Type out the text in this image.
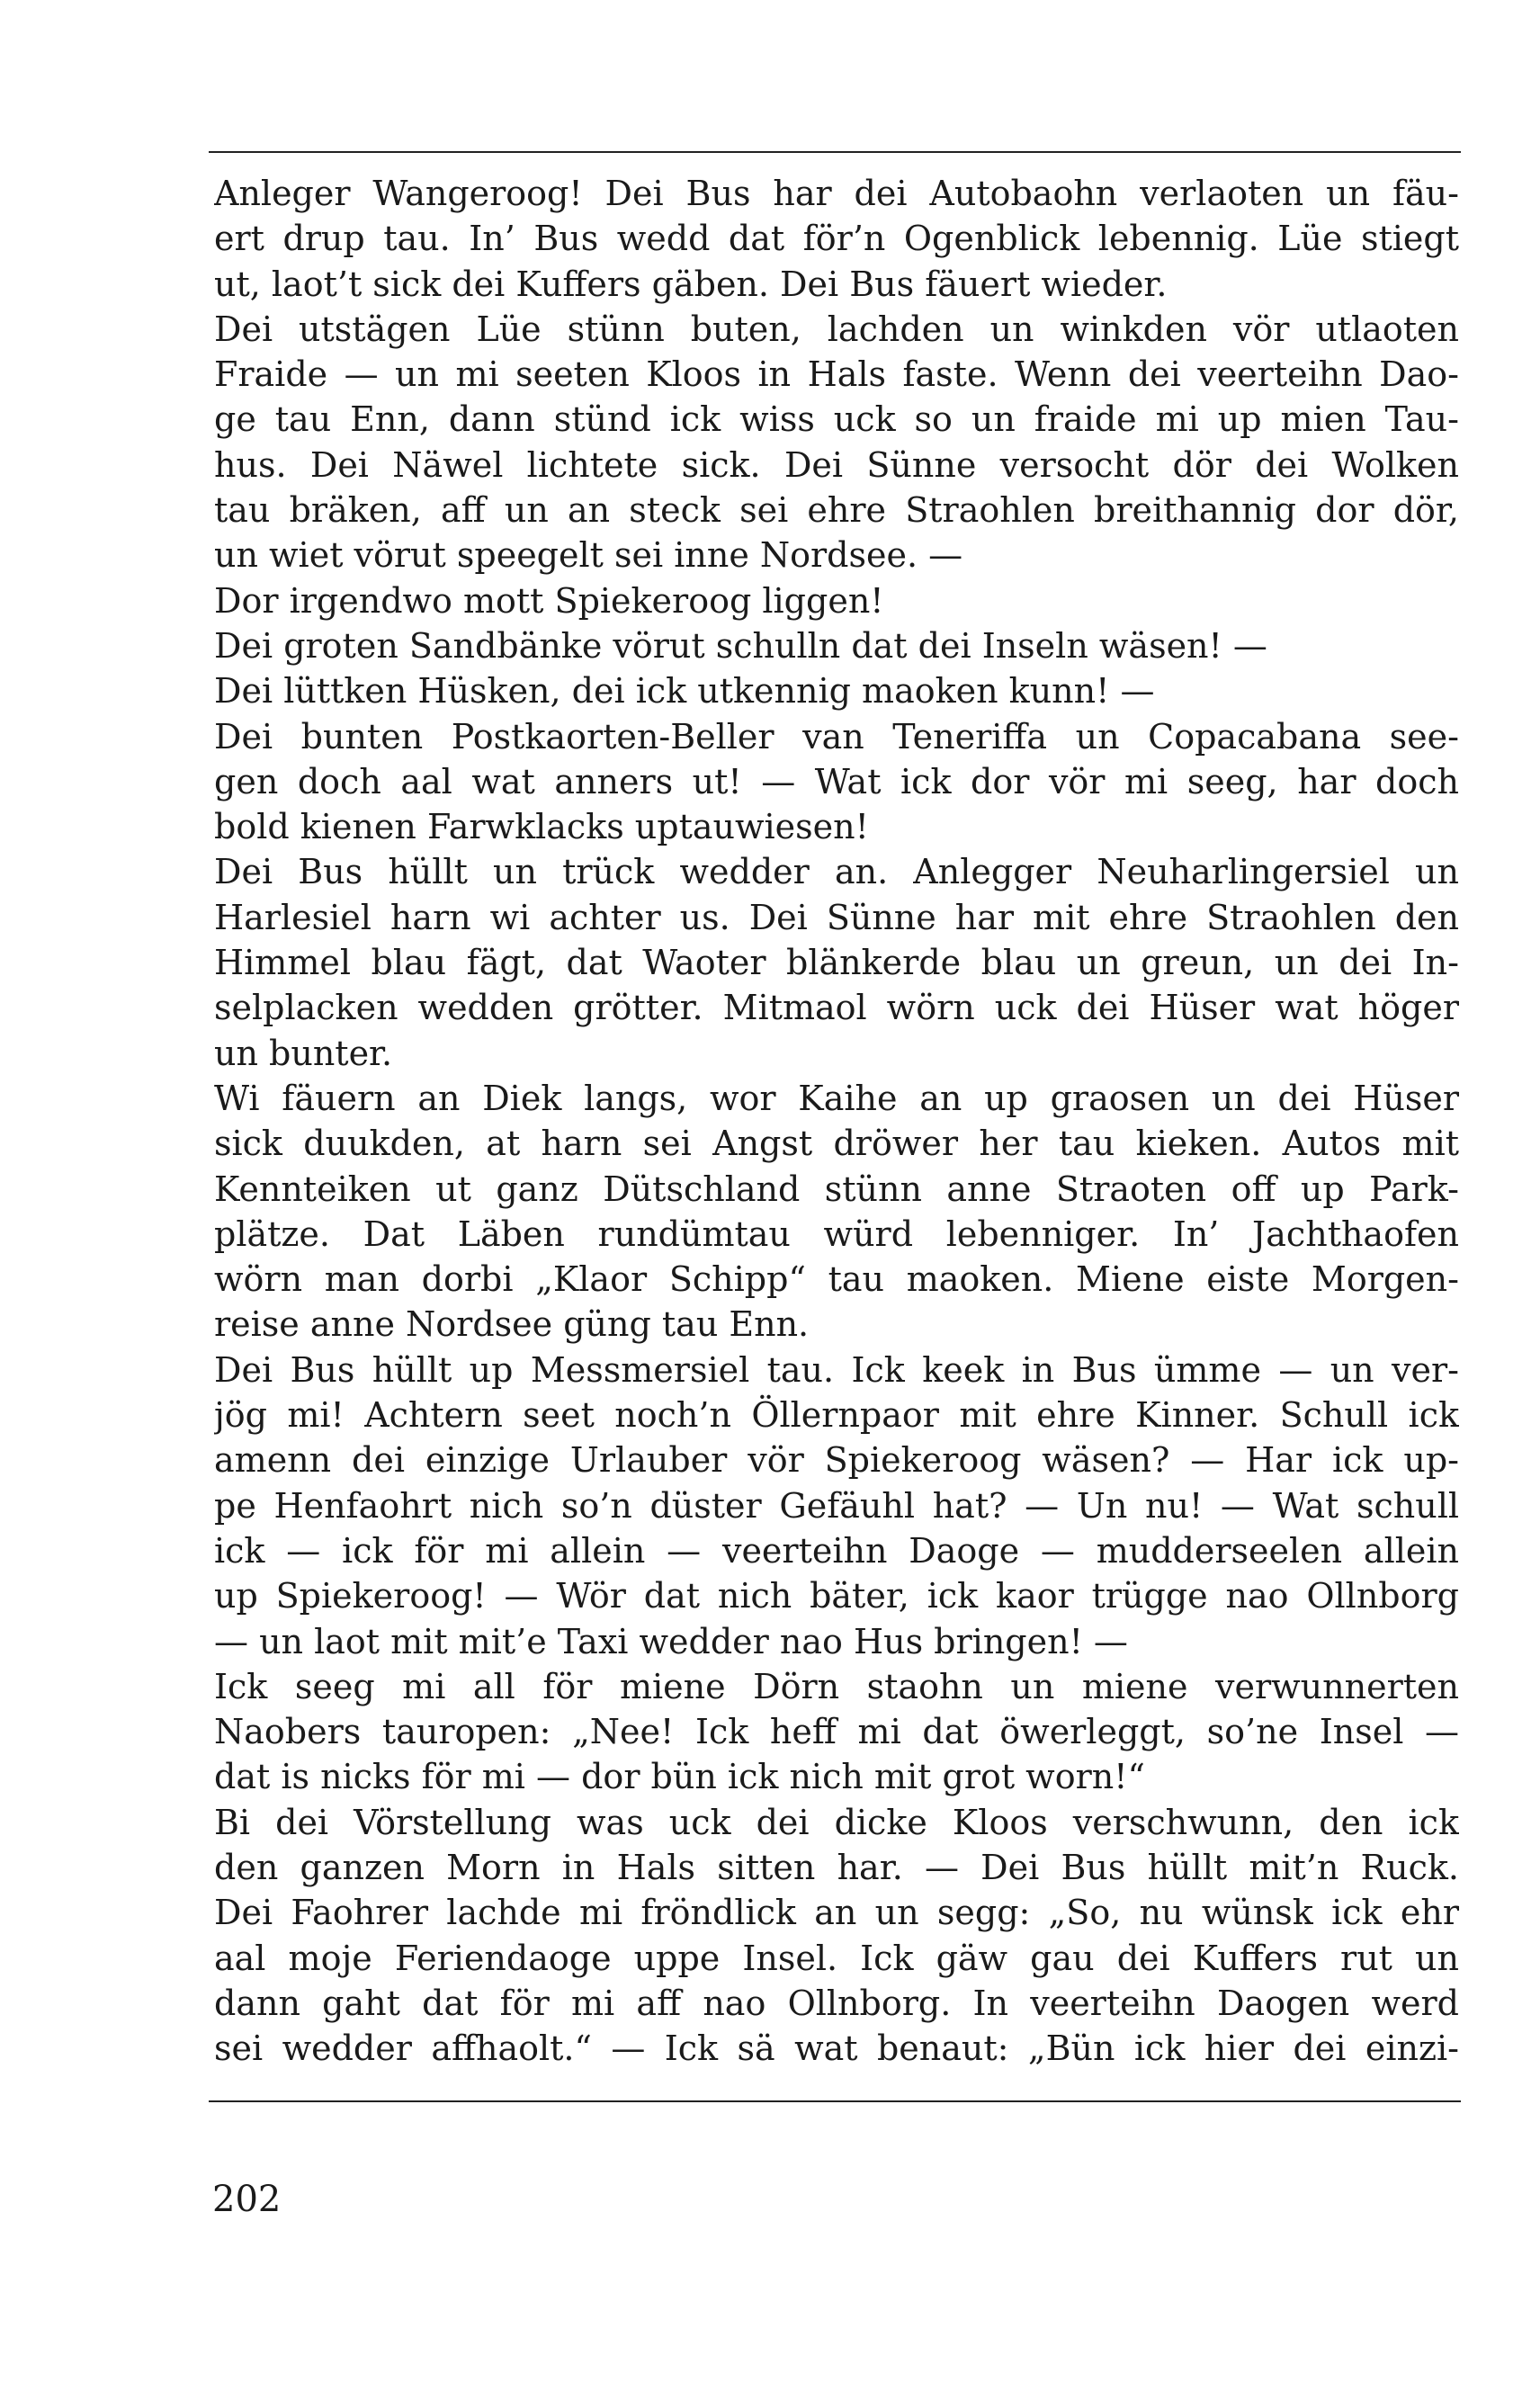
Anleger Wangeroog! Dei Bus har dei Autobaohn verlaoten un fäu-
ert drup tau. In’ Bus wedd dat för’n Ogenblick lebennig. Lüe stiegt
ut, laot’t sick dei Kuffers gäben. Dei Bus fäuert wieder.
Dei utstägen Lüe stünn buten, lachden un winkden vör utlaoten
Fraide — un mi seeten Kloos in Hals faste. Wenn dei veerteihn Dao-
ge tau Enn, dann stünd ick wiss uck so un fraide mi up mien Tau-
hus. Dei Näwel lichtete sick. Dei Sünne versocht dör dei Wolken
tau bräken, aff un an steck sei ehre Straohlen breithannig dor dör,
un wiet vörut speegelt sei inne Nordsee. —
Dor irgendwo mott Spiekeroog liggen!
Dei groten Sandbänke vörut schulln dat dei Inseln wäsen! —
Dei lüttken Hüsken, dei ick utkennig maoken kunn! —
Dei bunten Postkaorten-Beller van Teneriffa un Copacabana see-
gen doch aal wat anners ut! — Wat ick dor vör mi seeg, har doch
bold kienen Farwklacks uptauwiesen!
Dei Bus hüllt un trück wedder an. Anlegger Neuharlingersiel un
Harlesiel harn wi achter us. Dei Sünne har mit ehre Straohlen den
Himmel blau fägt, dat Waoter blänkerde blau un greun, un dei In-
selplacken wedden grötter. Mitmaol wörn uck dei Hüser wat höger
un bunter.
Wi fäuern an Diek langs, wor Kaihe an up graosen un dei Hüser
sick duukden, at harn sei Angst dröwer her tau kieken. Autos mit
Kenntеiken ut ganz Dütschland stünn anne Straoten off up Park-
plätze. Dat Läben rundümtau würd lebenniger. In’ Jachthaofen
wörn man dorbi „Klaor Schipp“ tau maoken. Miene eiste Morgen-
reise anne Nordsee güng tau Enn.
Dei Bus hüllt up Messmersiel tau. Ick keek in Bus ümme — un ver-
jög mi! Achtern seet noch’n Öllernpaor mit ehre Kinner. Schull ick
amenn dei einzige Urlauber vör Spiekeroog wäsen? — Har ick up-
pe Henfaohrt nich so’n düster Gefäuhl hat? — Un nu! — Wat schull
ick — ick för mi allein — veerteihn Daoge — mudderseelen allein
up Spiekeroog! — Wör dat nich bäter, ick kaor trügge nao Ollnborg
— un laot mit mit’e Taxi wedder nao Hus bringen! —
Ick seeg mi all för miene Dörn staohn un miene verwunnerten
Naobers tauropen: „Nee! Ick heff mi dat öwerleggt, so’ne Insel —
dat is nicks för mi — dor bün ick nich mit grot worn!“
Bi dei Vörstellung was uck dei dicke Kloos verschwunn, den ick
den ganzen Morn in Hals sitten har. — Dei Bus hüllt mit’n Ruck.
Dei Faohrer lachde mi fröndlick an un segg: „So, nu wünsk ick ehr
aal moje Feriendaoge uppe Insel. Ick gäw gau dei Kuffers rut un
dann gaht dat för mi aff nao Ollnborg. In veerteihn Daogen werd
sei wedder affhaolt.“ — Ick sä wat benaut: „Bün ick hier dei einzi-
202
